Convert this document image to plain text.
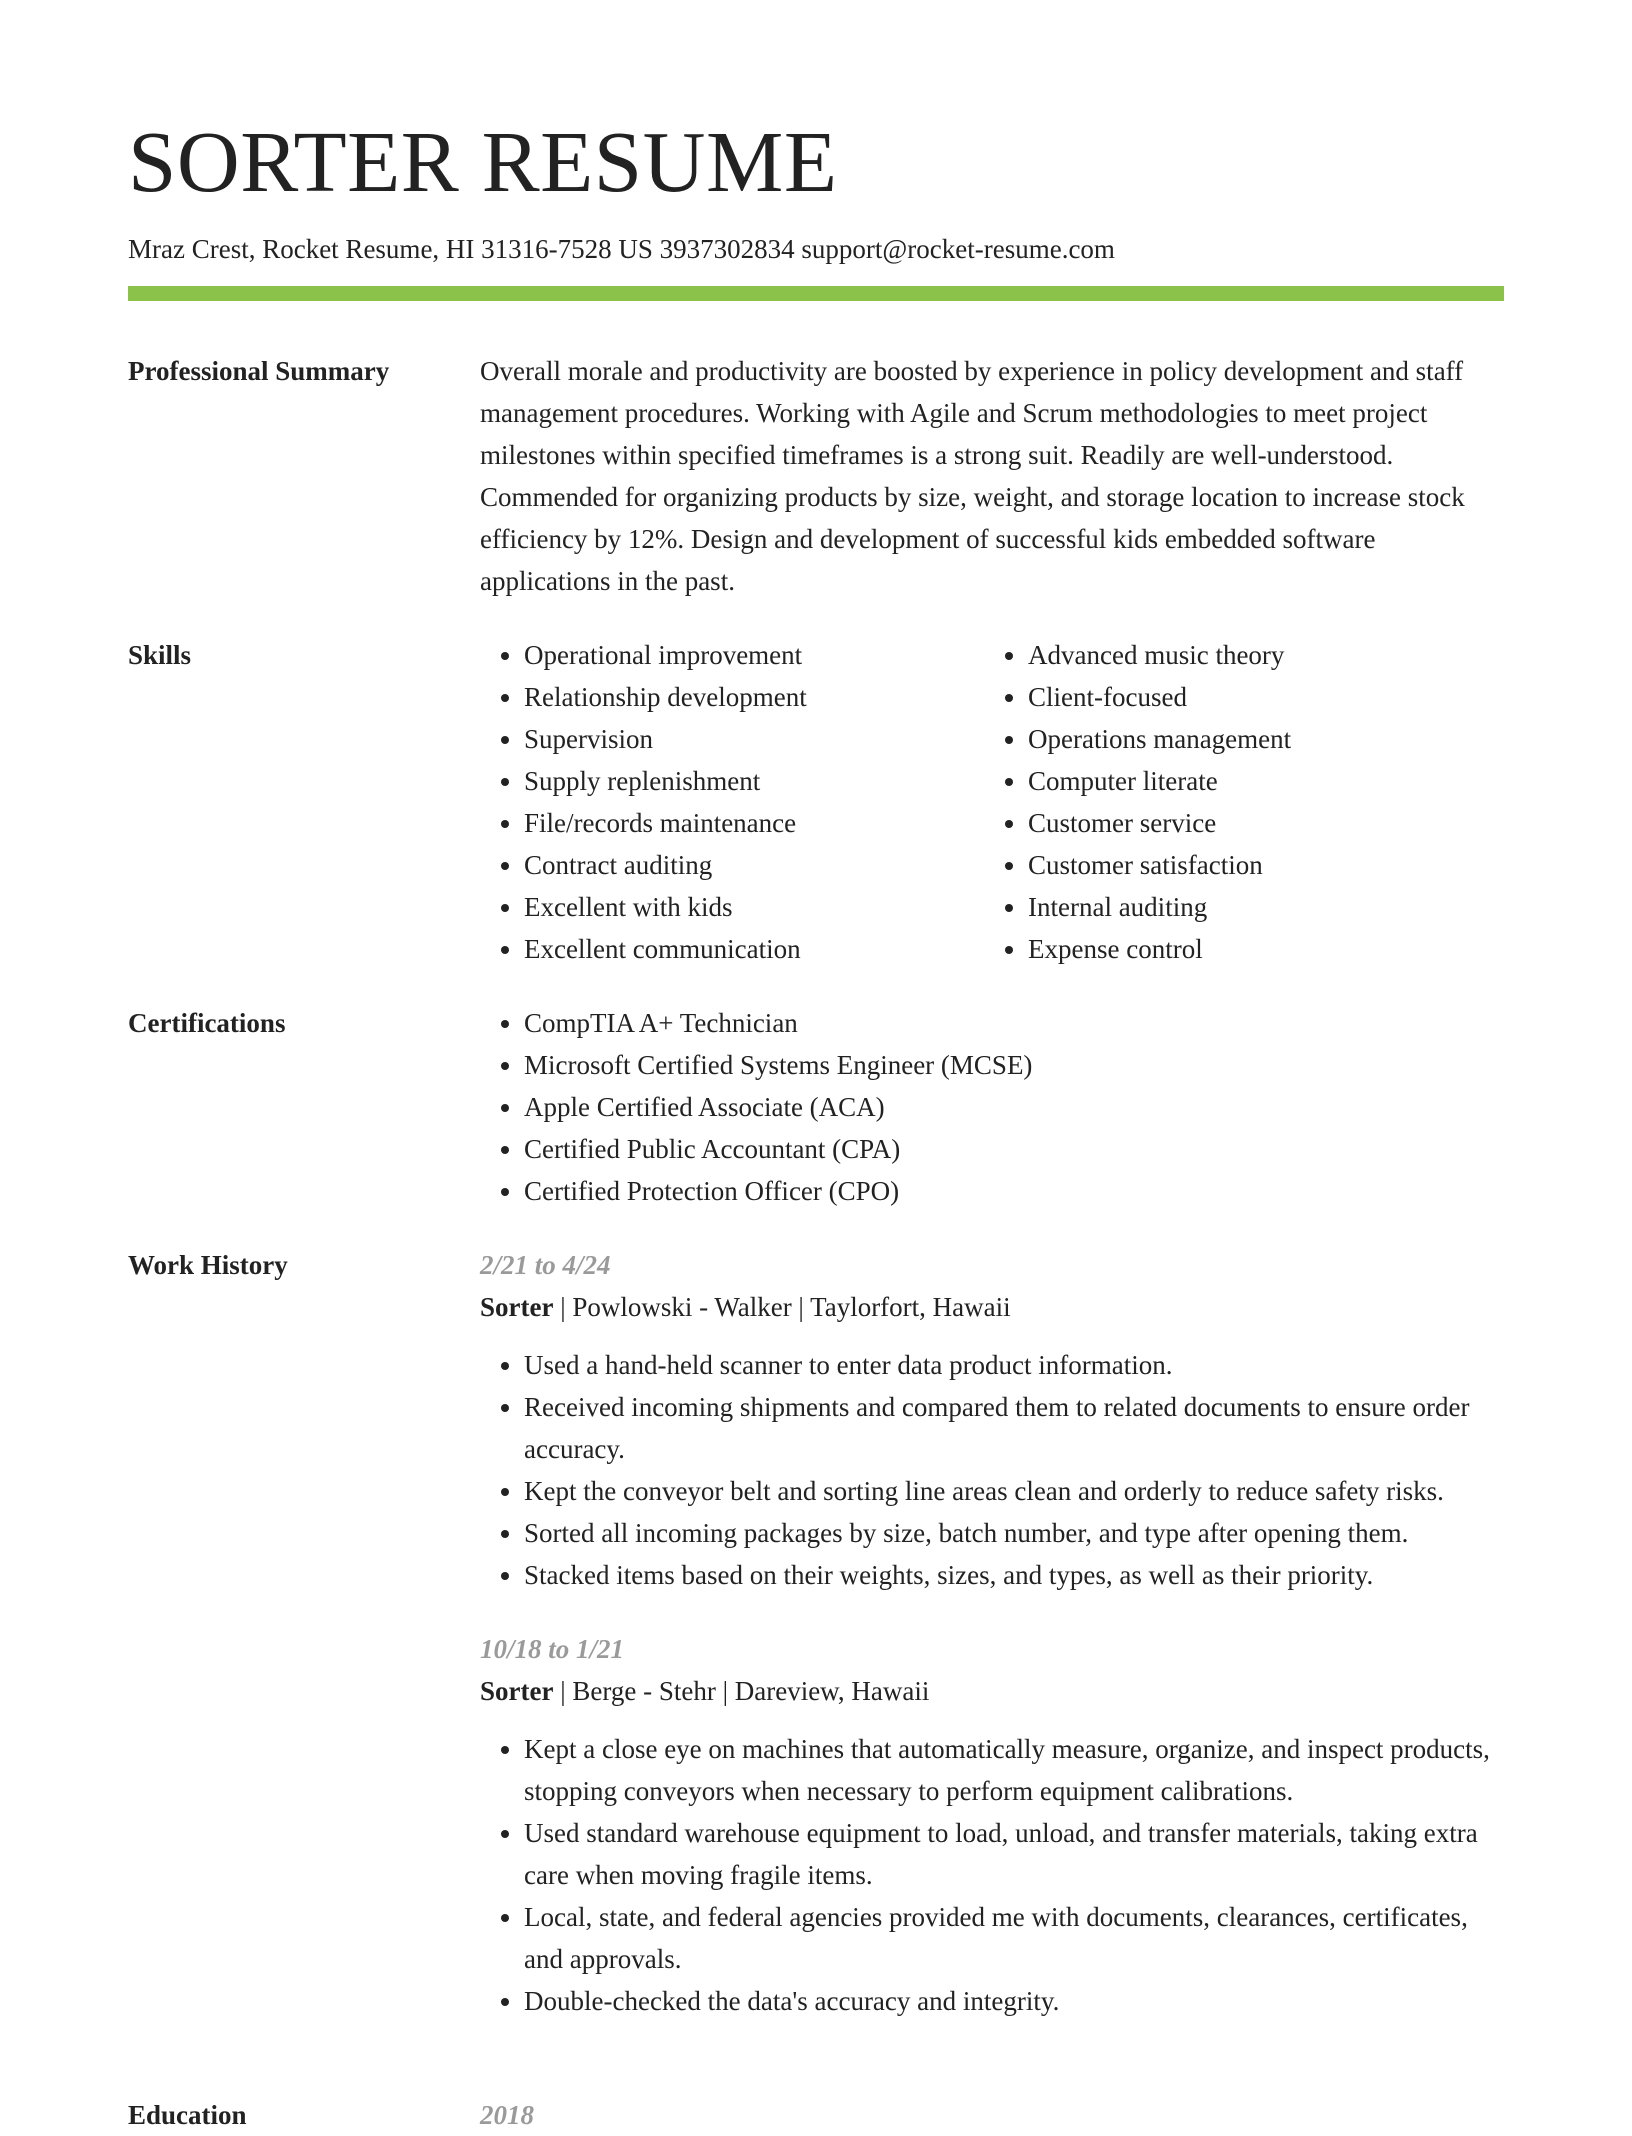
SORTER RESUME
Mraz Crest, Rocket Resume, HI 31316-7528 US 3937302834 support@rocket-resume.com
Professional Summary	Overall morale and productivity are boosted by experience in policy development and staff management procedures. Working with Agile and Scrum methodologies to meet project milestones within specified timeframes is a strong suit. Readily are well-understood. Commended for organizing products by size, weight, and storage location to increase stock efficiency by 12%. Design and development of successful kids embedded software applications in the past.

Skills	• Operational improvement
• Relationship development
• Supervision
• Supply replenishment
• File/records maintenance
• Contract auditing
• Excellent with kids
• Excellent communication
• Advanced music theory
• Client-focused
• Operations management
• Computer literate
• Customer service
• Customer satisfaction
• Internal auditing
• Expense control
Certifications	• CompTIA A+ Technician
• Microsoft Certified Systems Engineer (MCSE)
• Apple Certified Associate (ACA)
• Certified Public Accountant (CPA)
• Certified Protection Officer (CPO)
Work History	2/21 to 4/24
Sorter | Powlowski - Walker | Taylorfort, Hawaii
• Used a hand-held scanner to enter data product information.
• Received incoming shipments and compared them to related documents to ensure order accuracy.
• Kept the conveyor belt and sorting line areas clean and orderly to reduce safety risks.
• Sorted all incoming packages by size, batch number, and type after opening them.
• Stacked items based on their weights, sizes, and types, as well as their priority.
10/18 to 1/21
Sorter | Berge - Stehr | Dareview, Hawaii
• Kept a close eye on machines that automatically measure, organize, and inspect products, stopping conveyors when necessary to perform equipment calibrations.
• Used standard warehouse equipment to load, unload, and transfer materials, taking extra care when moving fragile items.
• Local, state, and federal agencies provided me with documents, clearances, certificates, and approvals.
• Double-checked the data's accuracy and integrity.
Education	2018
